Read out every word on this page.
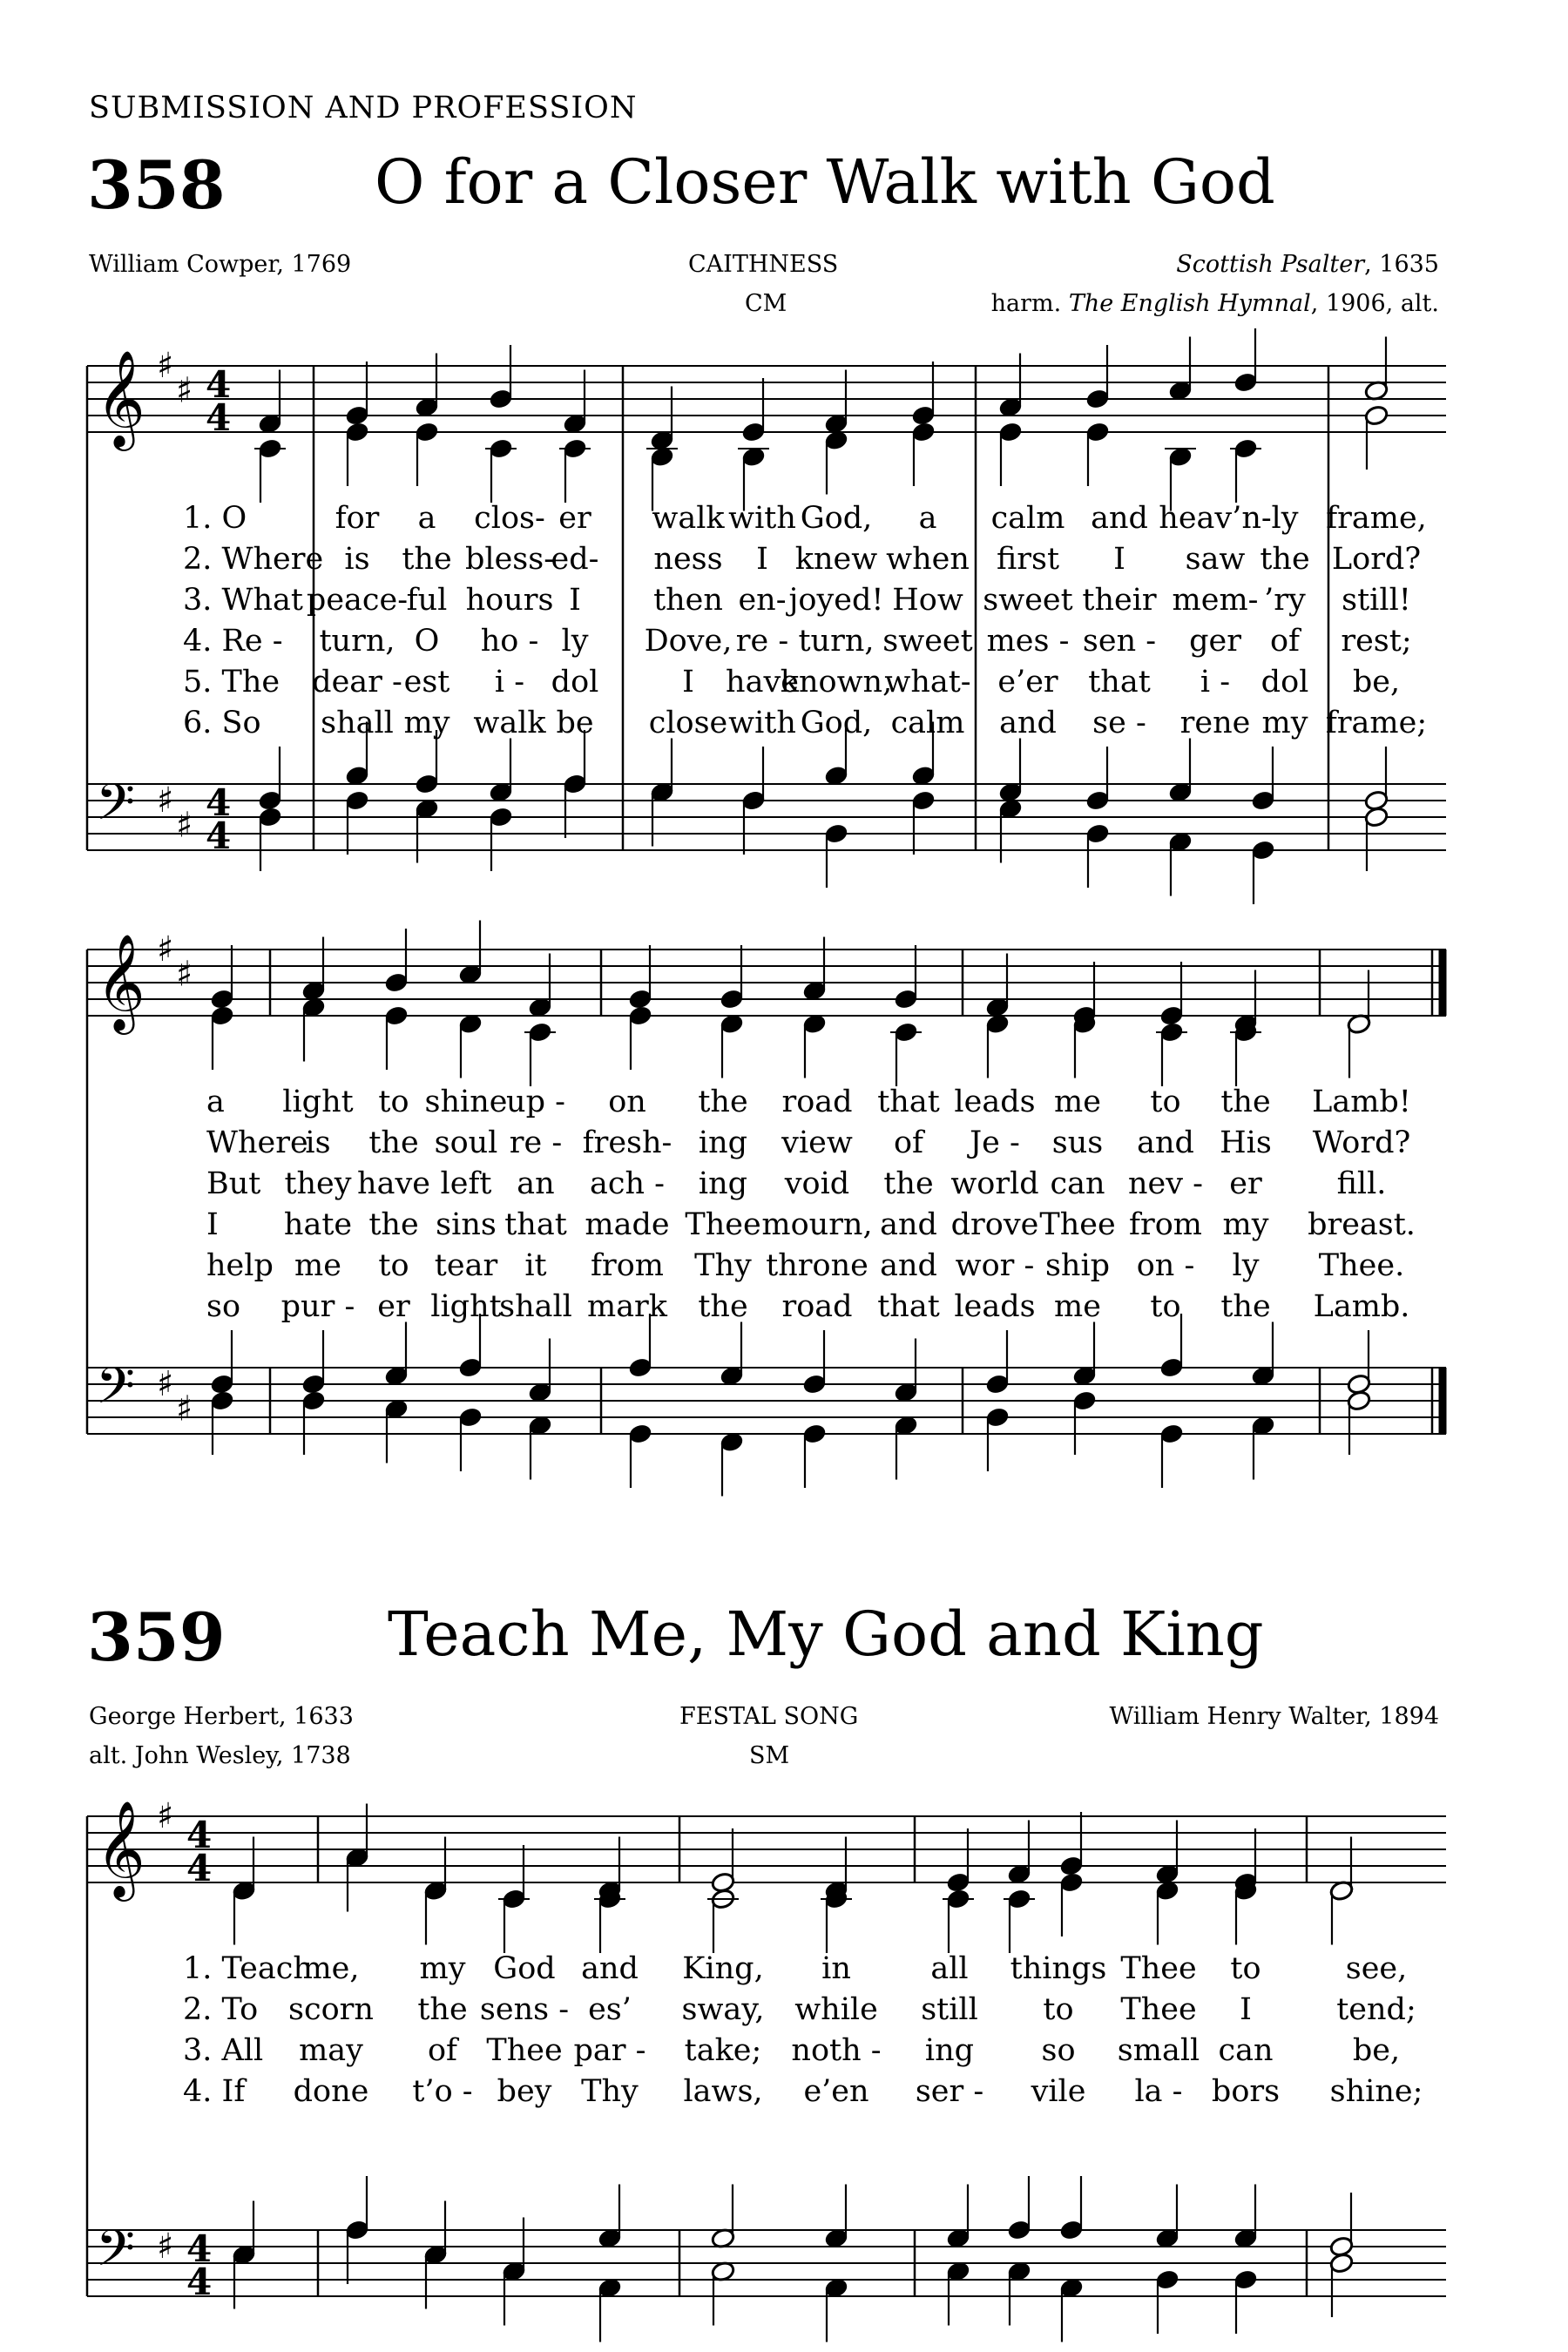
SUBMISSION AND PROFESSION
358 O for a Closer Walk with God
William Cowper, 1769	CAITHNESS
CM
Scottish Psalter, 1635
harm. The English Hymnal, 1906, alt.
359	Teach Me, My God and King
George Herbert, 1633
alt. John Wesley, 1738
FESTAL SONG
SM
William Henry Walter, 1894
𝄞 ♯
♯ 4
4
𝄢 ♯
♯
4
4
𝄞 ♯
♯
𝄢 ♯
♯
𝄞 ♯ 4
4
𝄢 ♯ 4
4
1. O	for a clos- er walk with God, a calm and heav’n- ly frame,
2. Where is the bless-
ed- ness I knew when first I saw the Lord?
3. What peace-
ful hours I then en- joyed! How sweet their mem- ’ry still!
4. Re - turn, O ho - ly Dove, re - turn, sweet mes - sen - ger of rest;
5. The dear - est i - dol	I have
known,
what- e’er that i - dol be,
6. So shall my walk be close with God, calm and se - rene my frame;
a light to shine
up - on the road that leads me to the Lamb!
Where
is the soul re - fresh- ing view of Je - sus and His Word?
But they have left an ach - ing void the world can nev - er fill.
I hate the sins that made Thee mourn, and drove Thee from my breast.
help me to tear it from Thy throne and wor - ship on - ly Thee.
so pur - er light
shall mark the road that leads me to the Lamb.
1. Teach
me, my God and King, in	all things Thee to	see,
2. To scorn the sens - es’ sway, while still to Thee I	tend;
3. All may of Thee par - take; noth - ing so small can	be,
4. If done t’o - bey Thy laws, e’en ser - vile la - bors shine;
